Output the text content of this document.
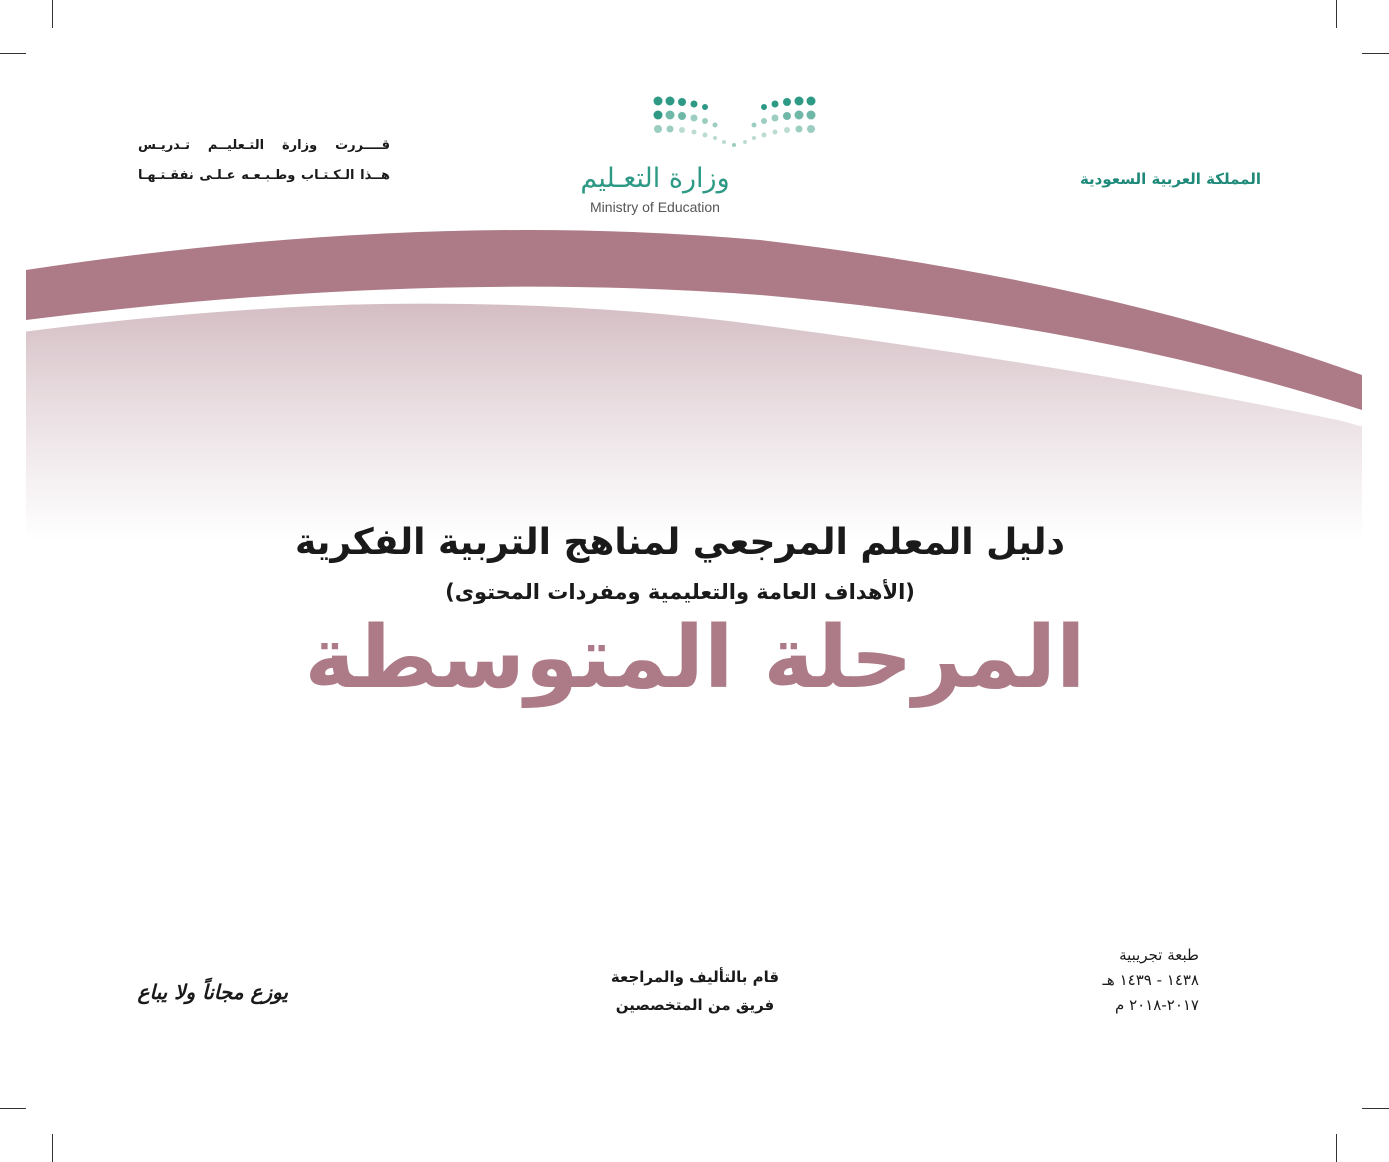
المملكة العربية السعودية
قــــررت وزارة التـعليــم تـدريـس
هــذا الـكـتـاب وطـبـعـه عـلـى نفقـتـهـا	وزارة التعـليم
Ministry of Education
دليل المعلم المرجعي لمناهج التربية الفكرية
(الأهداف العامة والتعليمية ومفردات المحتوى)
المرحلة المتوسطة
طبعة تجريبية
١٤٣٨ - ١٤٣٩ هـ
٢٠١٧-٢٠١٨ م
قام بالتأليف والمراجعة
فريق من المتخصصين
يوزع مجاناً ولا يباع
